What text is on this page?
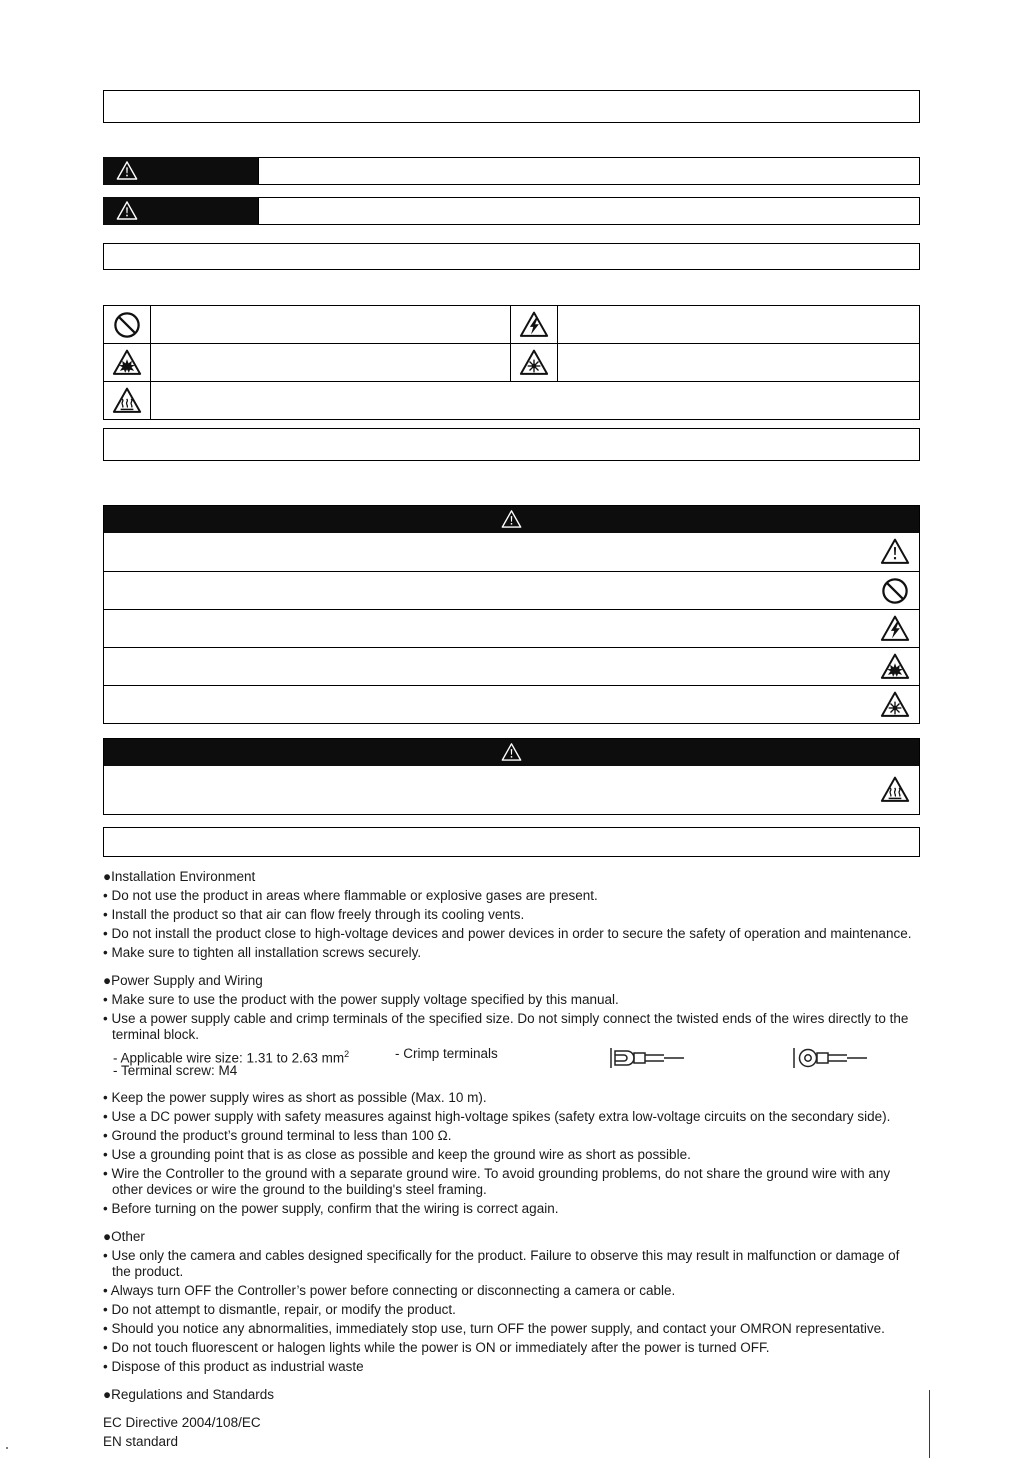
●Installation Environment
• Do not use the product in areas where flammable or explosive gases are present.
• Install the product so that air can flow freely through its cooling vents.
• Do not install the product close to high-voltage devices and power devices in order to secure the safety of operation and maintenance.
• Make sure to tighten all installation screws securely.
●Power Supply and Wiring
• Make sure to use the product with the power supply voltage specified by this manual.
• Use a power supply cable and crimp terminals of the specified size. Do not simply connect the twisted ends of the wires directly to the terminal block.
- Applicable wire size: 1.31 to 2.63 $mm^2$	- Crimp terminals
- Terminal screw: M4
• Keep the power supply wires as short as possible (Max. 10 m).
• Use a DC power supply with safety measures against high-voltage spikes (safety extra low-voltage circuits on the secondary side).
• Ground the product’s ground terminal to less than 100 Ω.
• Use a grounding point that is as close as possible and keep the ground wire as short as possible.
• Wire the Controller to the ground with a separate ground wire. To avoid grounding problems, do not share the ground wire with any other devices or wire the ground to the building's steel framing.
• Before turning on the power supply, confirm that the wiring is correct again.
●Other
• Use only the camera and cables designed specifically for the product. Failure to observe this may result in malfunction or damage of the product.
• Always turn OFF the Controller’s power before connecting or disconnecting a camera or cable.
• Do not attempt to dismantle, repair, or modify the product.
• Should you notice any abnormalities, immediately stop use, turn OFF the power supply, and contact your OMRON representative.
• Do not touch fluorescent or halogen lights while the power is ON or immediately after the power is turned OFF.
• Dispose of this product as industrial waste
●Regulations and Standards
EC Directive 2004/108/EC
EN standard
